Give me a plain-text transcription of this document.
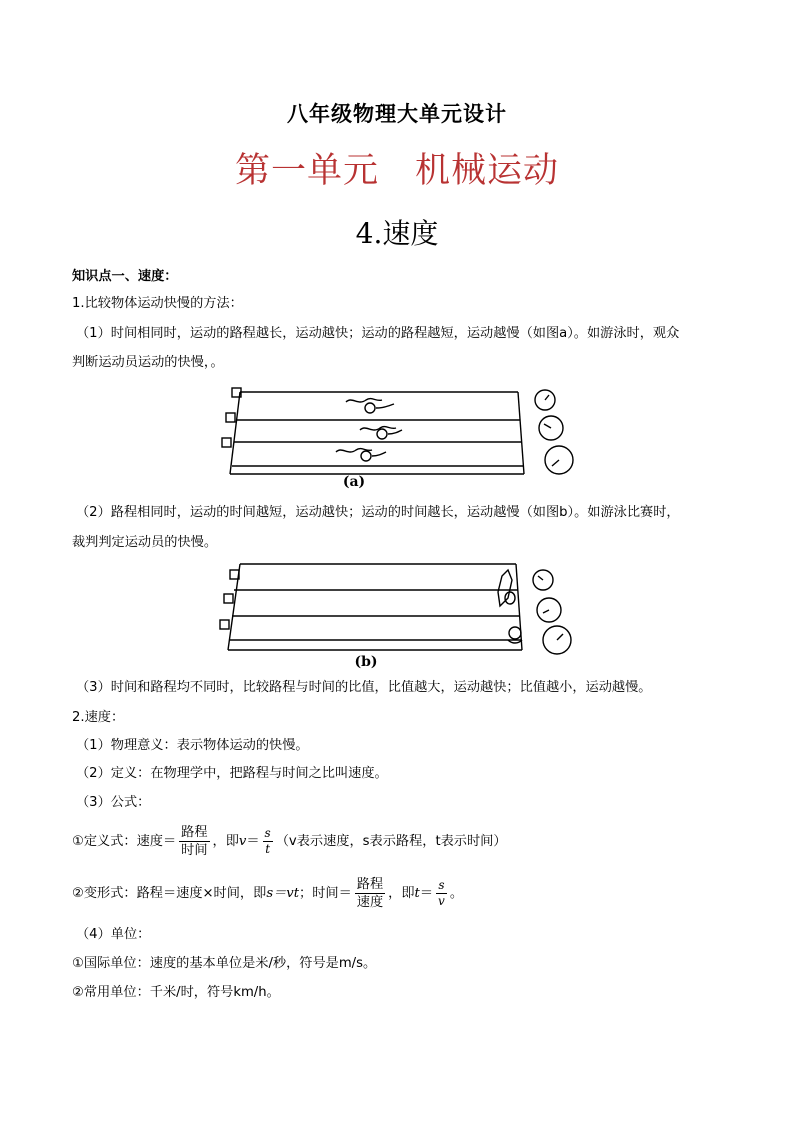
八年级物理大单元设计
第一单元　机械运动
4.速度
知识点一、速度：
1.比较物体运动快慢的方法：
（1）时间相同时，运动的路程越长，运动越快；运动的路程越短，运动越慢（如图a）。如游泳时，观众
判断运动员运动的快慢，。
(a)
（2）路程相同时，运动的时间越短，运动越快；运动的时间越长，运动越慢（如图b）。如游泳比赛时，
裁判判定运动员的快慢。
(b)
（3）时间和路程均不同时，比较路程与时间的比值，比值越大，运动越快；比值越小，运动越慢。
2.速度：
（1）物理意义：表示物体运动的快慢。
（2）定义：在物理学中，把路程与时间之比叫速度。
（3）公式：
①定义式：速度＝ $\frac{\text{路程}}{\text{时间}}$ ，即$v= \frac{s}{t} (v$表示速度，s表示路程，t表示时间）
②变形式：路程＝速度×时间，即s＝vt；时间＝ $\frac{\text{路程}}{\text{速度}}$ ，即$t= \frac{s}{v}$ 。
（4）单位：
①国际单位：速度的基本单位是米/秒，符号是m/s。
②常用单位：千米/时，符号km/h。
